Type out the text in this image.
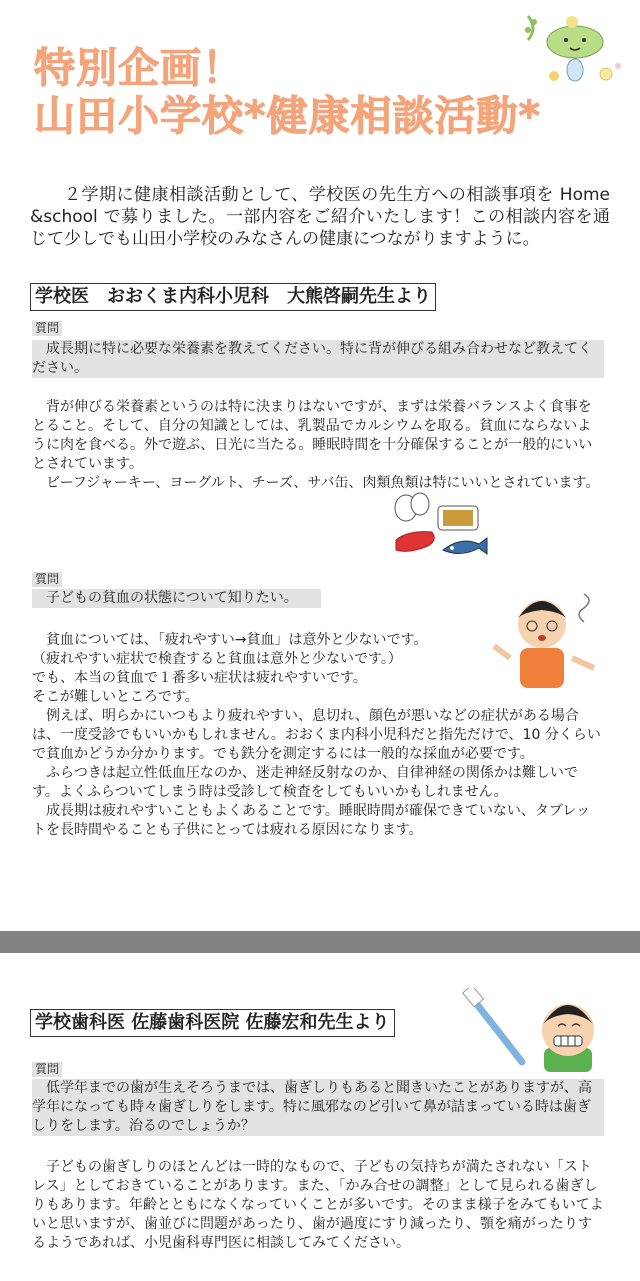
特別企画！
山田小学校*健康相談活動*
２学期に健康相談活動として、学校医の先生方への相談事項を Home &school で募りました。一部内容をご紹介いたします！この相談内容を通じて少しでも山田小学校のみなさんの健康につながりますように。
学校医　おおくま内科小児科　大熊啓嗣先生より
質問
成長期に特に必要な栄養素を教えてください。特に背が伸びる組み合わせなど教えてください。

背が伸びる栄養素というのは特に決まりはないですが、まずは栄養バランスよく食事をとること。そして、自分の知識としては、乳製品でカルシウムを取る。貧血にならないように肉を食べる。外で遊ぶ、日光に当たる。睡眠時間を十分確保することが一般的にいいとされています。

ビーフジャーキー、ヨーグルト、チーズ、サバ缶、肉類魚類は特にいいとされています。

質問
子どもの貧血の状態について知りたい。

貧血については、「疲れやすい→貧血」は意外と少ないです。

（疲れやすい症状で検査すると貧血は意外と少ないです。）

でも、本当の貧血で１番多い症状は疲れやすいです。

そこが難しいところです。

例えば、明らかにいつもより疲れやすい、息切れ、顔色が悪いなどの症状がある場合は、一度受診でもいいかもしれません。おおくま内科小児科だと指先だけで、10 分くらいで貧血かどうか分かります。でも鉄分を測定するには一般的な採血が必要です。

ふらつきは起立性低血圧なのか、迷走神経反射なのか、自律神経の関係かは難しいです。よくふらついてしまう時は受診して検査をしてもいいかもしれません。

成長期は疲れやすいこともよくあることです。睡眠時間が確保できていない、タブレットを長時間やることも子供にとっては疲れる原因になります。

学校歯科医 佐藤歯科医院 佐藤宏和先生より
質問
低学年までの歯が生えそろうまでは、歯ぎしりもあると聞きいたことがありますが、高学年になっても時々歯ぎしりをします。特に風邪なのど引いて鼻が詰まっている時は歯ぎしりをします。治るのでしょうか？

子どもの歯ぎしりのほとんどは一時的なもので、子どもの気持ちが満たされない「ストレス」としておきていることがあります。また、「かみ合せの調整」として見られる歯ぎしりもあります。年齢とともになくなっていくことが多いです。そのまま様子をみてもいてよいと思いますが、歯並びに問題があったり、歯が過度にすり減ったり、顎を痛がったりするようであれば、小児歯科専門医に相談してみてください。
